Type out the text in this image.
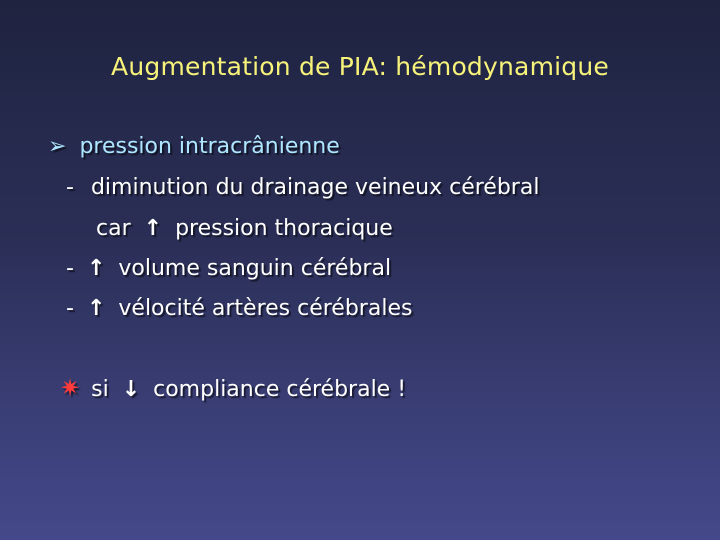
Augmentation de PIA: hémodynamique
➢ pression intracrânienne
- diminution du drainage veineux cérébral
car ↑ pression thoracique
- ↑ volume sanguin cérébral
- ↑ vélocité artères cérébrales
✷ si ↓ compliance cérébrale !
